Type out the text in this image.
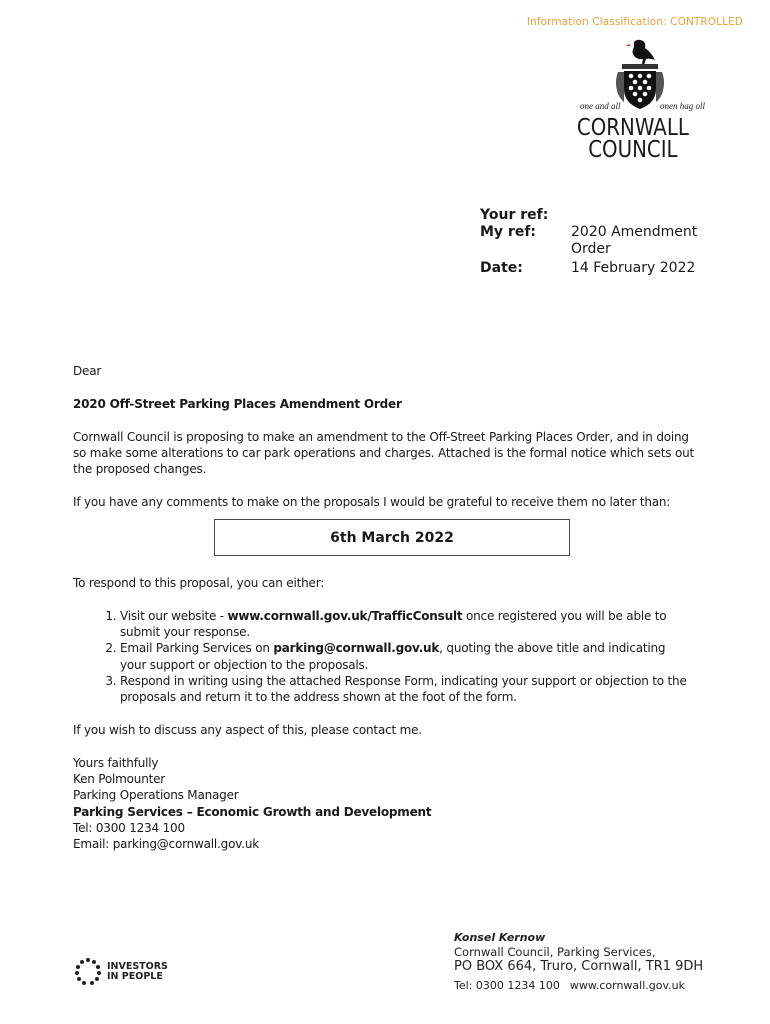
Information Classification: CONTROLLED
one and all	onen hag oll
CORNWALL
COUNCIL
Your ref:	
My ref:	2020 Amendment
Order

Date:	14 February 2022
Dear
2020 Off-Street Parking Places Amendment Order
Cornwall Council is proposing to make an amendment to the Off-Street Parking Places Order, and in doing so make some alterations to car park operations and charges. Attached is the formal notice which sets out the proposed changes.
If you have any comments to make on the proposals I would be grateful to receive them no later than:
6th March 2022
To respond to this proposal, you can either:
1. Visit our website - www.cornwall.gov.uk/TrafficConsult once registered you will be able to submit your response.
2. Email Parking Services on parking@cornwall.gov.uk, quoting the above title and indicating your support or objection to the proposals.
3. Respond in writing using the attached Response Form, indicating your support or objection to the proposals and return it to the address shown at the foot of the form.
If you wish to discuss any aspect of this, please contact me.
Yours faithfully
Ken Polmounter
Parking Operations Manager
Parking Services – Economic Growth and Development
Tel: 0300 1234 100
Email: parking@cornwall.gov.uk
INVESTORS
IN PEOPLE
Konsel Kernow
Cornwall Council, Parking Services,
PO BOX 664, Truro, Cornwall, TR1 9DH
Tel: 0300 1234 100 www.cornwall.gov.uk
